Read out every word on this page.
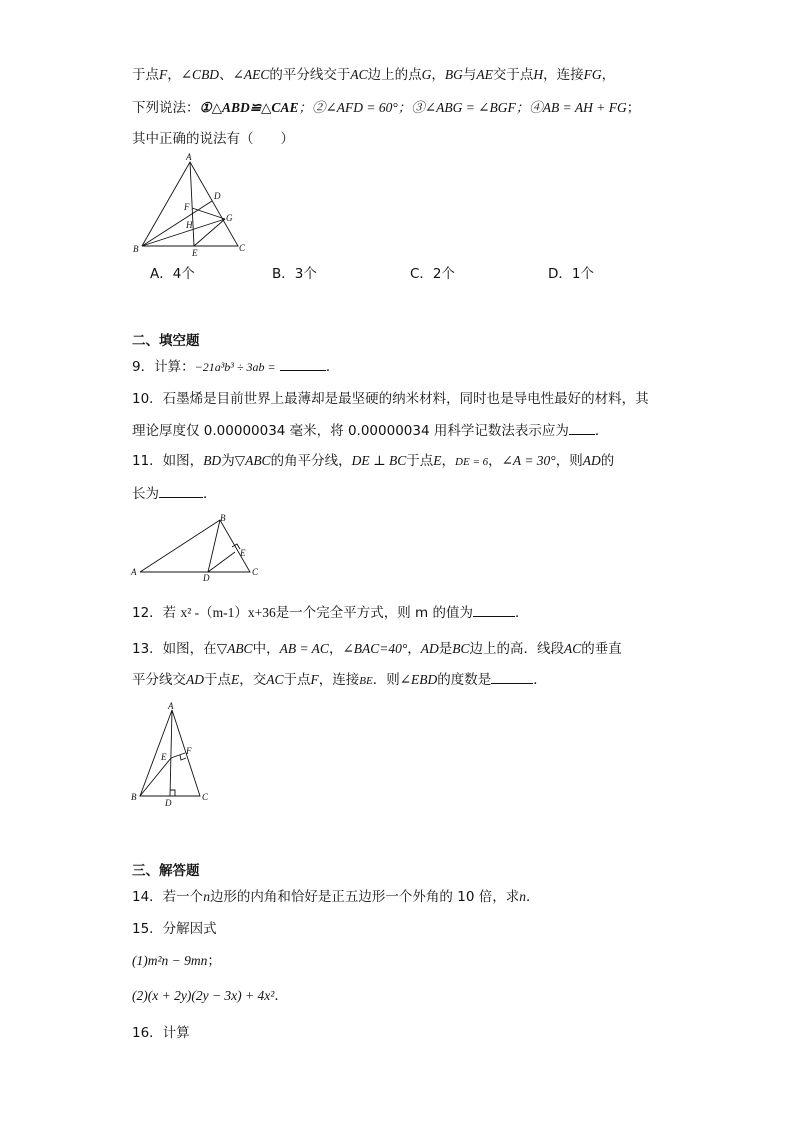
于点F，∠CBD、∠AEC的平分线交于AC边上的点G，BG与AE交于点H，连接FG，
下列说法：①△ABD≌△CAE；②∠AFD = 60°；③∠ABG = ∠BGF；④AB = AH + FG；
其中正确的说法有（　　）
A
B	C
D
E
F
G
H
A．4个	B．3个	C．2个	D．1个
二、填空题
9．计算：−21a³b³ ÷ 3ab =	．
10．石墨烯是目前世界上最薄却是最坚硬的纳米材料，同时也是导电性最好的材料，其
理论厚度仅 0.00000034 毫米，将 0.00000034 用科学记数法表示应为 ．
11．如图，BD为▽ABC的角平分线，DE ⊥ BC于点E，DE = 6，∠A = 30°，则AD的
长为	．
A
B
C
D
E
12．若 x² -（m-1）x+36是一个完全平方式，则 m 的值为	．
13．如图，在▽ABC中，AB = AC，∠BAC=40°，AD是BC边上的高．线段AC的垂直
平分线交AD于点E，交AC于点F，连接BE．则∠EBD的度数是	．
A
B	C
D
E
F
三、解答题
14．若一个n边形的内角和恰好是正五边形一个外角的 10 倍，求n．
15．分解因式
(1)m²n − 9mn；
(2)(x + 2y)(2y − 3x) + 4x²．
16．计算
